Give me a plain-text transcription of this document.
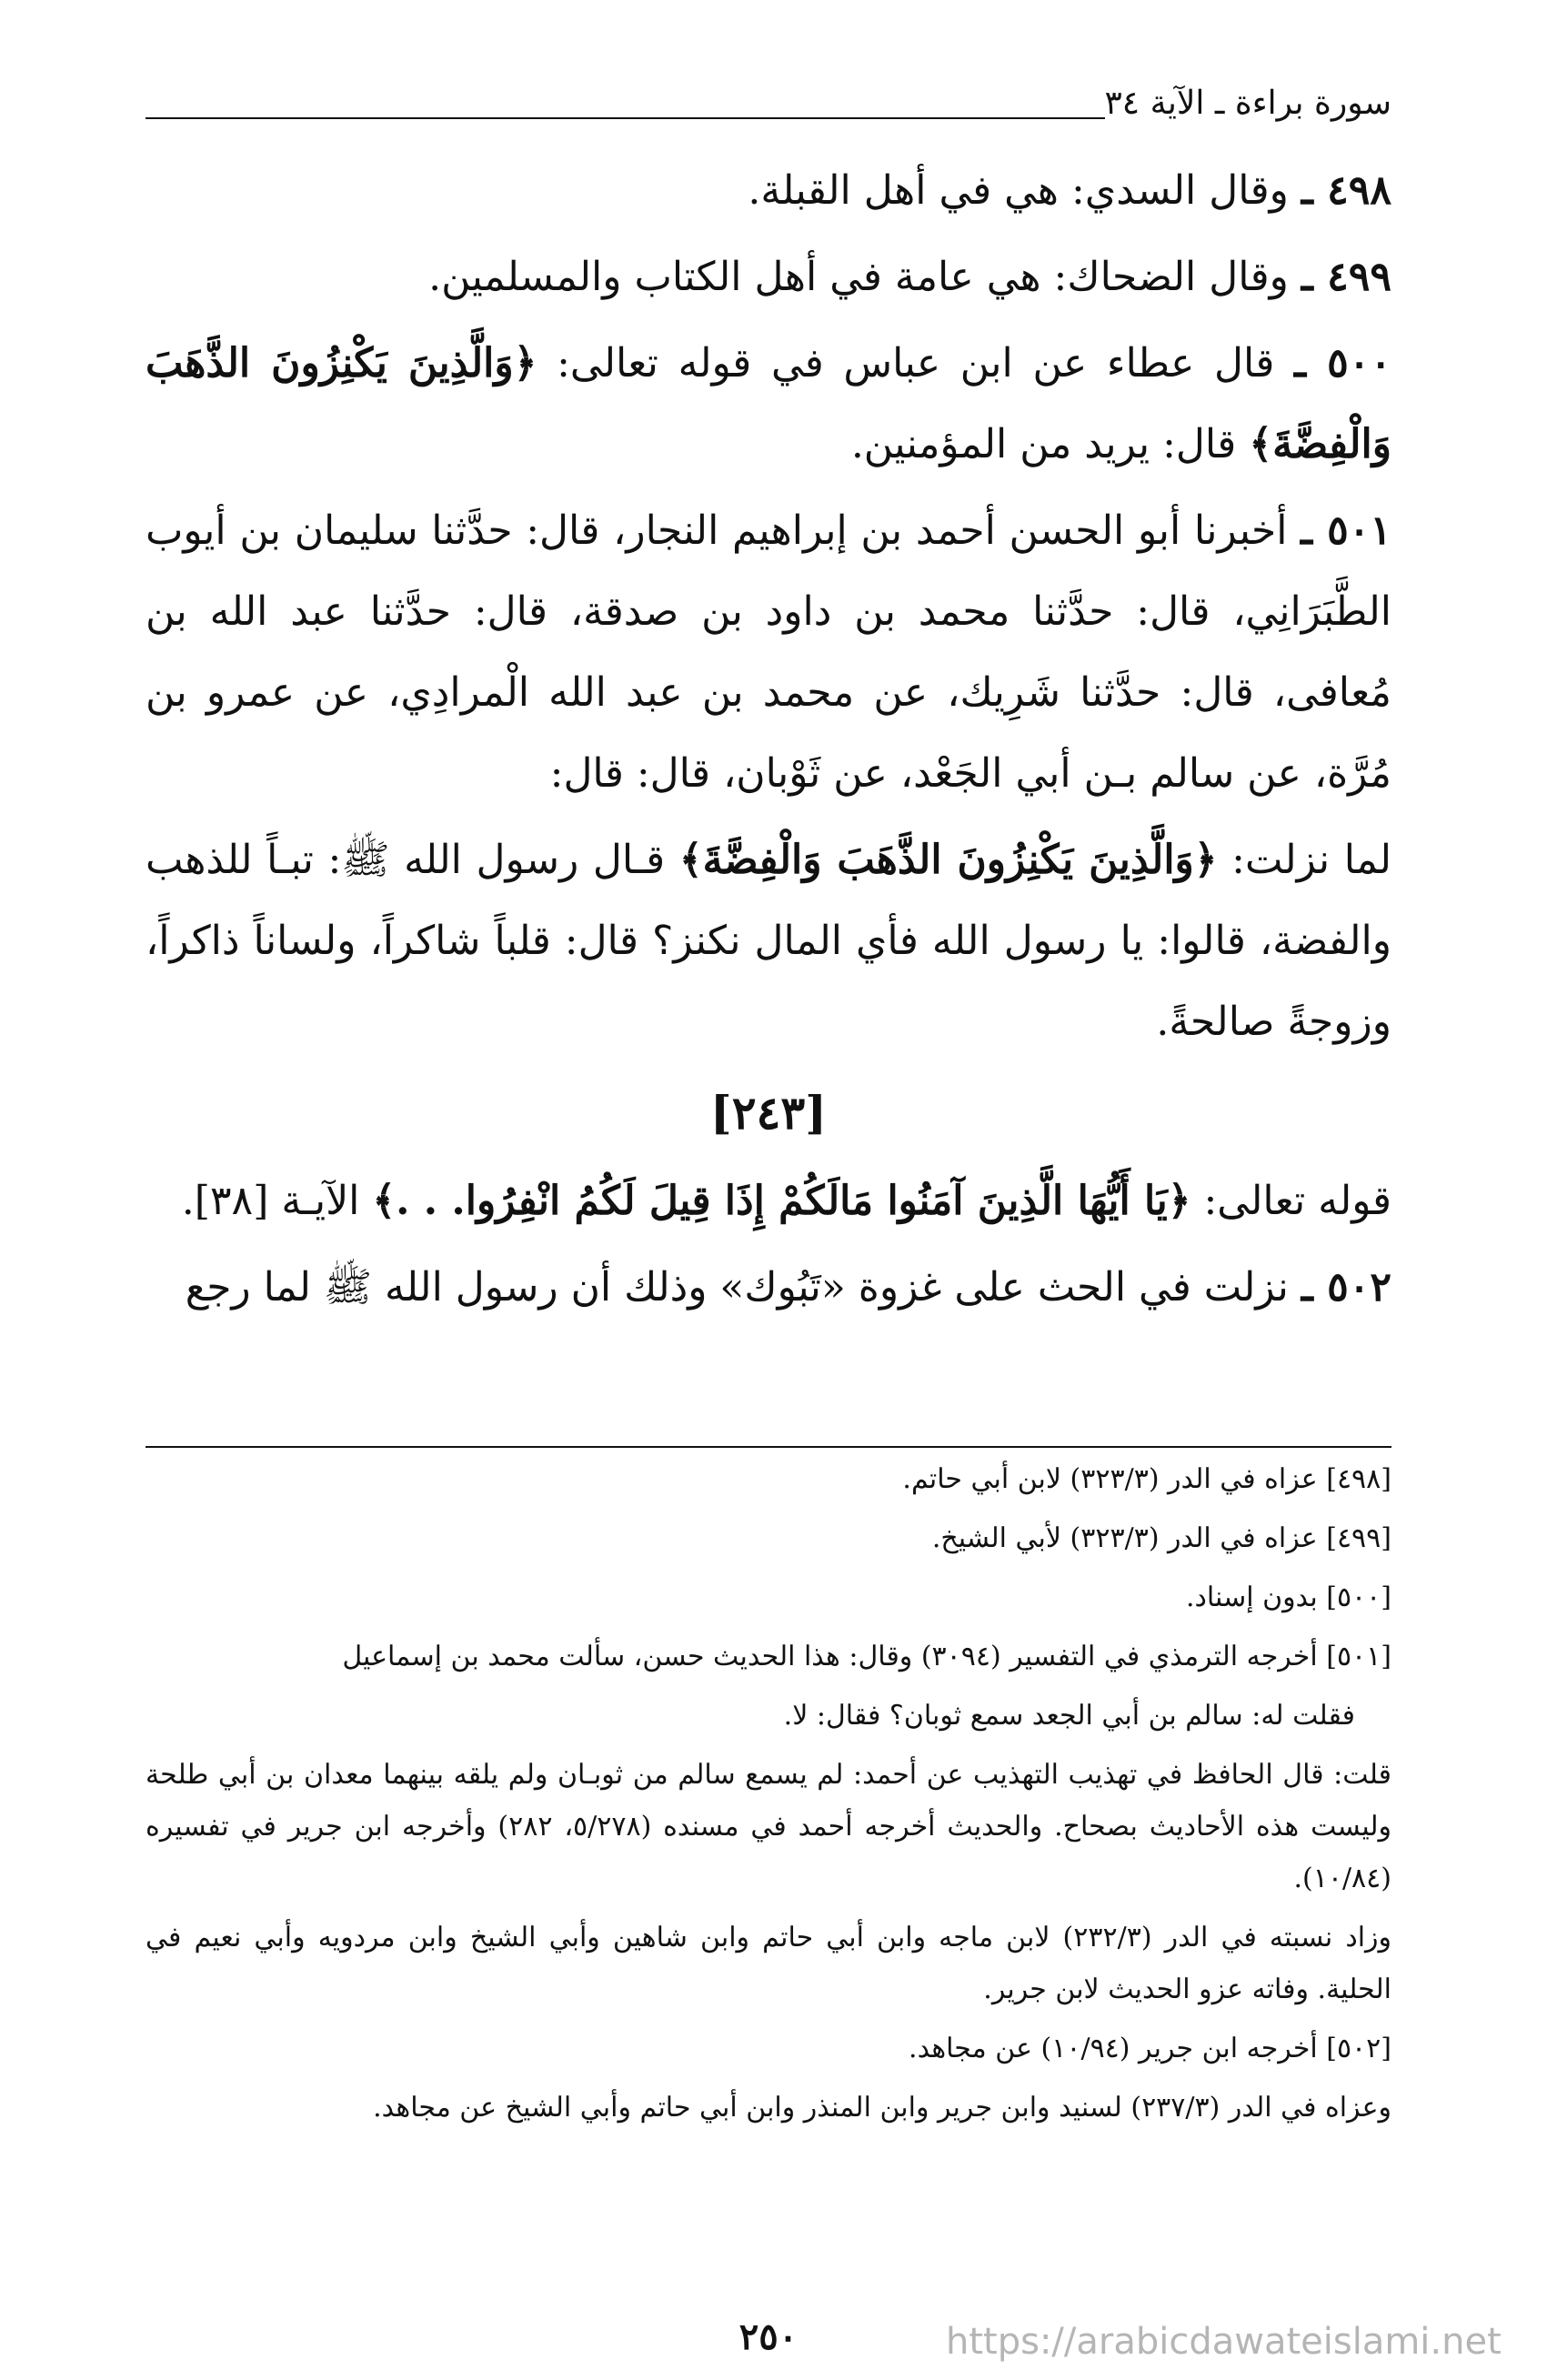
سورة براءة ـ الآية ٣٤

٤٩٨ ـ وقال السدي: هي في أهل القبلة.

٤٩٩ ـ وقال الضحاك: هي عامة في أهل الكتاب والمسلمين.

٥٠٠ ـ قال عطاء عن ابن عباس في قوله تعالى: ﴿وَالَّذِينَ يَكْنِزُونَ الذَّهَبَ وَالْفِضَّةَ﴾ قال: يريد من المؤمنين.

٥٠١ ـ أخبرنا أبو الحسن أحمد بن إبراهيم النجار، قال: حدَّثنا سليمان بن أيوب الطَّبَرَانِي، قال: حدَّثنا محمد بن داود بن صدقة، قال: حدَّثنا عبد الله بن مُعافى، قال: حدَّثنا شَرِيك، عن محمد بن عبد الله الْمرادِي، عن عمرو بن مُرَّة، عن سالم بـن أبي الجَعْد، عن ثَوْبان، قال: قال:

لما نزلت: ﴿وَالَّذِينَ يَكْنِزُونَ الذَّهَبَ وَالْفِضَّةَ﴾ قـال رسول الله ﷺ: تبـاً للذهب والفضة، قالوا: يا رسول الله فأي المال نكنز؟ قال: قلباً شاكراً، ولساناً ذاكراً، وزوجةً صالحةً.

[٢٤٣]

قوله تعالى: ﴿يَا أَيُّهَا الَّذِينَ آمَنُوا مَالَكُمْ إِذَا قِيلَ لَكُمُ انْفِرُوا. . .﴾ الآيـة [٣٨].

٥٠٢ ـ نزلت في الحث على غزوة «تَبُوك» وذلك أن رسول الله ﷺ لما رجع

[٤٩٨] عزاه في الدر (٣٢٣/٣) لابن أبي حاتم.

[٤٩٩] عزاه في الدر (٣٢٣/٣) لأبي الشيخ.

[٥٠٠] بدون إسناد.

[٥٠١] أخرجه الترمذي في التفسير (٣٠٩٤) وقال: هذا الحديث حسن، سألت محمد بن إسماعيل

فقلت له: سالم بن أبي الجعد سمع ثوبان؟ فقال: لا.

قلت: قال الحافظ في تهذيب التهذيب عن أحمد: لم يسمع سالم من ثوبـان ولم يلقه بينهما معدان بن أبي طلحة وليست هذه الأحاديث بصحاح. والحديث أخرجه أحمد في مسنده (٥/٢٧٨، ٢٨٢) وأخرجه ابن جرير في تفسيره (١٠/٨٤).

وزاد نسبته في الدر (٢٣٢/٣) لابن ماجه وابن أبي حاتم وابن شاهين وأبي الشيخ وابن مردويه وأبي نعيم في الحلية. وفاته عزو الحديث لابن جرير.

[٥٠٢] أخرجه ابن جرير (١٠/٩٤) عن مجاهد.

وعزاه في الدر (٢٣٧/٣) لسنيد وابن جرير وابن المنذر وابن أبي حاتم وأبي الشيخ عن مجاهد.

٢٥٠	https://arabicdawateislami.net
